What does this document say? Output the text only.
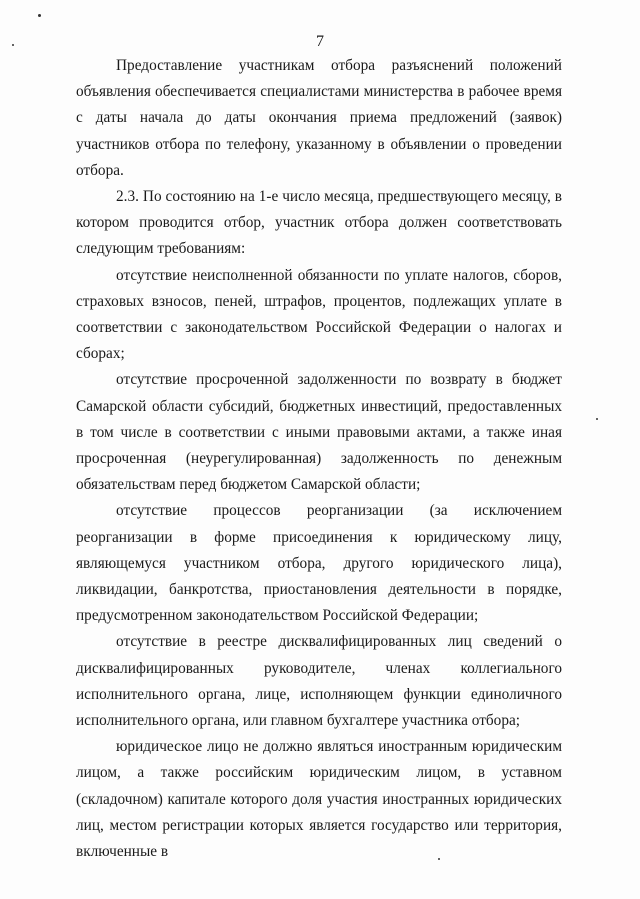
7

Предоставление участникам отбора разъяснений положений объявления обеспечивается специалистами министерства в рабочее время с даты начала до даты окончания приема предложений (заявок) участников отбора по телефону, указанному в объявлении о проведении отбора.

2.3. По состоянию на 1-е число месяца, предшествующего месяцу, в котором проводится отбор, участник отбора должен соответствовать следующим требованиям:

отсутствие неисполненной обязанности по уплате налогов, сборов, страховых взносов, пеней, штрафов, процентов, подлежащих уплате в соответствии с законодательством Российской Федерации о налогах и сборах;

отсутствие просроченной задолженности по возврату в бюджет Самарской области субсидий, бюджетных инвестиций, предоставленных в том числе в соответствии с иными правовыми актами, а также иная просроченная (неурегулированная) задолженность по денежным обязательствам перед бюджетом Самарской области;

отсутствие процессов реорганизации (за исключением реорганизации в форме присоединения к юридическому лицу, являющемуся участником отбора, другого юридического лица), ликвидации, банкротства, приостановления деятельности в порядке, предусмотренном законодательством Российской Федерации;

отсутствие в реестре дисквалифицированных лиц сведений о дисквалифицированных руководителе, членах коллегиального исполнительного органа, лице, исполняющем функции единоличного исполнительного органа, или главном бухгалтере участника отбора;

юридическое лицо не должно являться иностранным юридическим лицом, а также российским юридическим лицом, в уставном (складочном) капитале которого доля участия иностранных юридических лиц, местом регистрации которых является государство или территория, включенные в
